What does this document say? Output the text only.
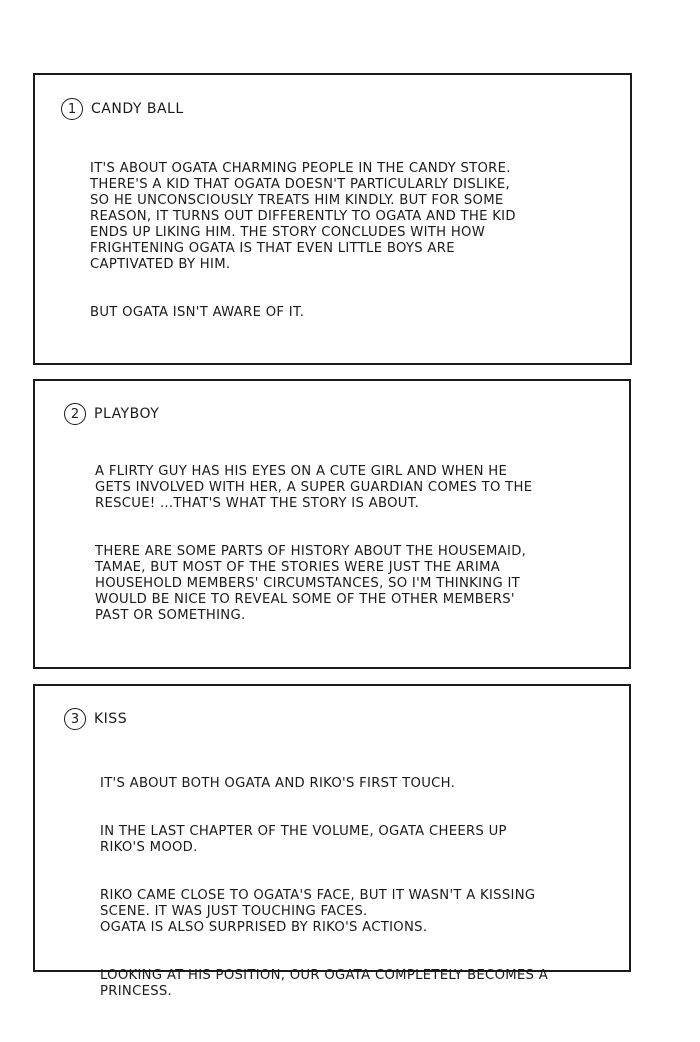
1	CANDY BALL

IT'S ABOUT OGATA CHARMING PEOPLE IN THE CANDY STORE.
THERE'S A KID THAT OGATA DOESN'T PARTICULARLY DISLIKE,
SO HE UNCONSCIOUSLY TREATS HIM KINDLY. BUT FOR SOME
REASON, IT TURNS OUT DIFFERENTLY TO OGATA AND THE KID
ENDS UP LIKING HIM. THE STORY CONCLUDES WITH HOW
FRIGHTENING OGATA IS THAT EVEN LITTLE BOYS ARE
CAPTIVATED BY HIM.

BUT OGATA ISN'T AWARE OF IT.

2	PLAYBOY

A FLIRTY GUY HAS HIS EYES ON A CUTE GIRL AND WHEN HE
GETS INVOLVED WITH HER, A SUPER GUARDIAN COMES TO THE
RESCUE! ...THAT'S WHAT THE STORY IS ABOUT.

THERE ARE SOME PARTS OF HISTORY ABOUT THE HOUSEMAID,
TAMAE, BUT MOST OF THE STORIES WERE JUST THE ARIMA
HOUSEHOLD MEMBERS' CIRCUMSTANCES, SO I'M THINKING IT
WOULD BE NICE TO REVEAL SOME OF THE OTHER MEMBERS'
PAST OR SOMETHING.

3	KISS

IT'S ABOUT BOTH OGATA AND RIKO'S FIRST TOUCH.

IN THE LAST CHAPTER OF THE VOLUME, OGATA CHEERS UP
RIKO'S MOOD.

RIKO CAME CLOSE TO OGATA'S FACE, BUT IT WASN'T A KISSING
SCENE. IT WAS JUST TOUCHING FACES.
OGATA IS ALSO SURPRISED BY RIKO'S ACTIONS.

LOOKING AT HIS POSITION, OUR OGATA COMPLETELY BECOMES A
PRINCESS.
